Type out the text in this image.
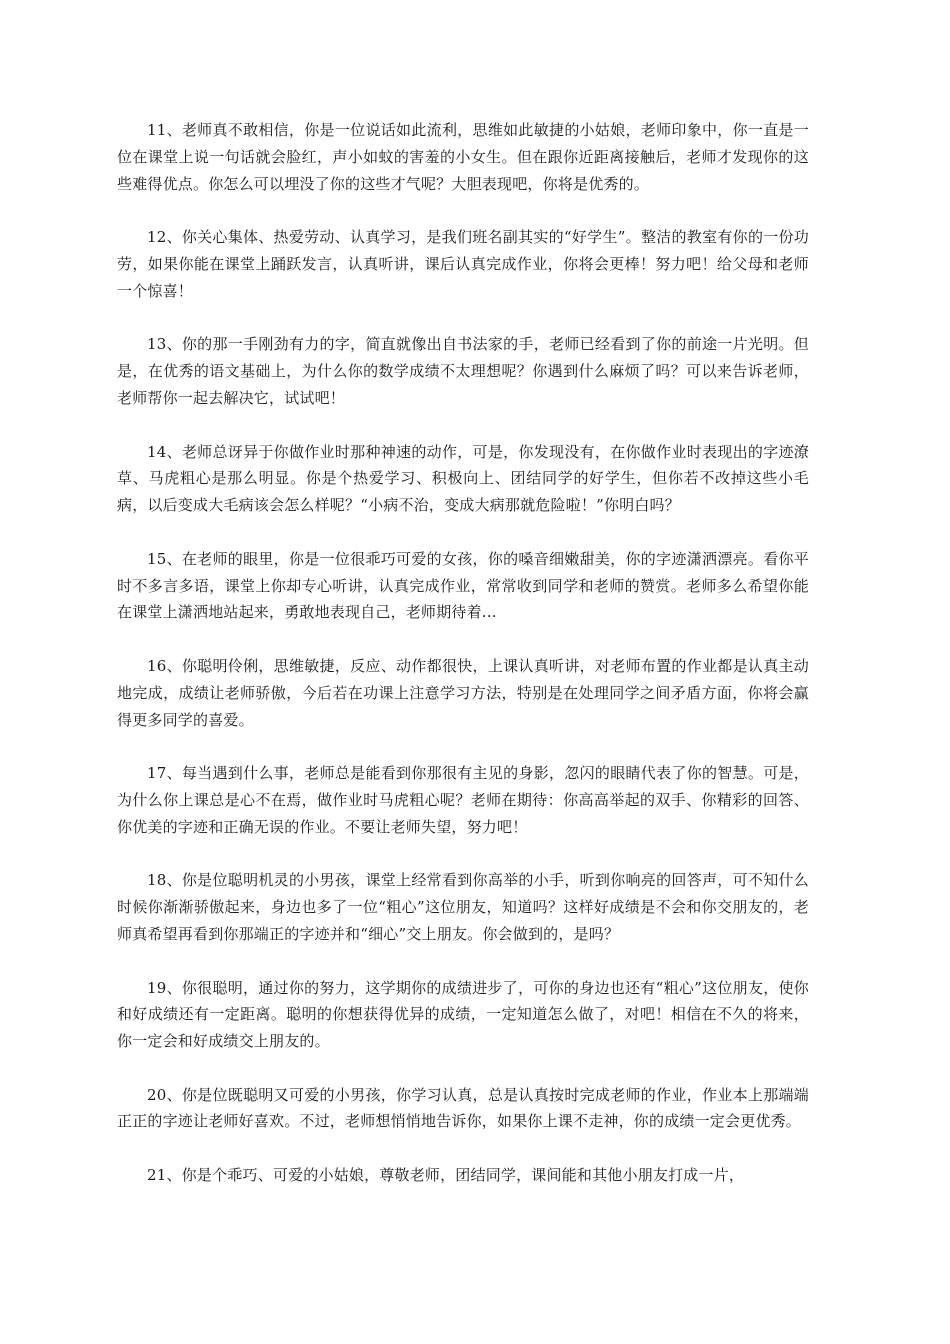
11、老师真不敢相信，你是一位说话如此流利，思维如此敏捷的小姑娘，老师印象中，你一直是一位在课堂上说一句话就会脸红，声小如蚊的害羞的小女生。但在跟你近距离接触后，老师才发现你的这些难得优点。你怎么可以埋没了你的这些才气呢？大胆表现吧，你将是优秀的。

12、你关心集体、热爱劳动、认真学习，是我们班名副其实的“好学生”。整洁的教室有你的一份功劳，如果你能在课堂上踊跃发言，认真听讲，课后认真完成作业，你将会更棒！努力吧！给父母和老师一个惊喜！

13、你的那一手刚劲有力的字，简直就像出自书法家的手，老师已经看到了你的前途一片光明。但是，在优秀的语文基础上，为什么你的数学成绩不太理想呢？你遇到什么麻烦了吗？可以来告诉老师，老师帮你一起去解决它，试试吧！

14、老师总讶异于你做作业时那种神速的动作，可是，你发现没有，在你做作业时表现出的字迹潦草、马虎粗心是那么明显。你是个热爱学习、积极向上、团结同学的好学生，但你若不改掉这些小毛病，以后变成大毛病该会怎么样呢？“小病不治，变成大病那就危险啦！”你明白吗？

15、在老师的眼里，你是一位很乖巧可爱的女孩，你的嗓音细嫩甜美，你的字迹潇洒漂亮。看你平时不多言多语，课堂上你却专心听讲，认真完成作业，常常收到同学和老师的赞赏。老师多么希望你能在课堂上潇洒地站起来，勇敢地表现自己，老师期待着...

16、你聪明伶俐，思维敏捷，反应、动作都很快，上课认真听讲，对老师布置的作业都是认真主动地完成，成绩让老师骄傲，今后若在功课上注意学习方法，特别是在处理同学之间矛盾方面，你将会赢得更多同学的喜爱。

17、每当遇到什么事，老师总是能看到你那很有主见的身影，忽闪的眼睛代表了你的智慧。可是，为什么你上课总是心不在焉，做作业时马虎粗心呢？老师在期待：你高高举起的双手、你精彩的回答、你优美的字迹和正确无误的作业。不要让老师失望，努力吧！

18、你是位聪明机灵的小男孩，课堂上经常看到你高举的小手，听到你响亮的回答声，可不知什么时候你渐渐骄傲起来，身边也多了一位“粗心”这位朋友，知道吗？这样好成绩是不会和你交朋友的，老师真希望再看到你那端正的字迹并和“细心”交上朋友。你会做到的，是吗？

19、你很聪明，通过你的努力，这学期你的成绩进步了，可你的身边也还有“粗心”这位朋友，使你和好成绩还有一定距离。聪明的你想获得优异的成绩，一定知道怎么做了，对吧！相信在不久的将来，你一定会和好成绩交上朋友的。

20、你是位既聪明又可爱的小男孩，你学习认真，总是认真按时完成老师的作业，作业本上那端端正正的字迹让老师好喜欢。不过，老师想悄悄地告诉你，如果你上课不走神，你的成绩一定会更优秀。

21、你是个乖巧、可爱的小姑娘，尊敬老师，团结同学，课间能和其他小朋友打成一片，
